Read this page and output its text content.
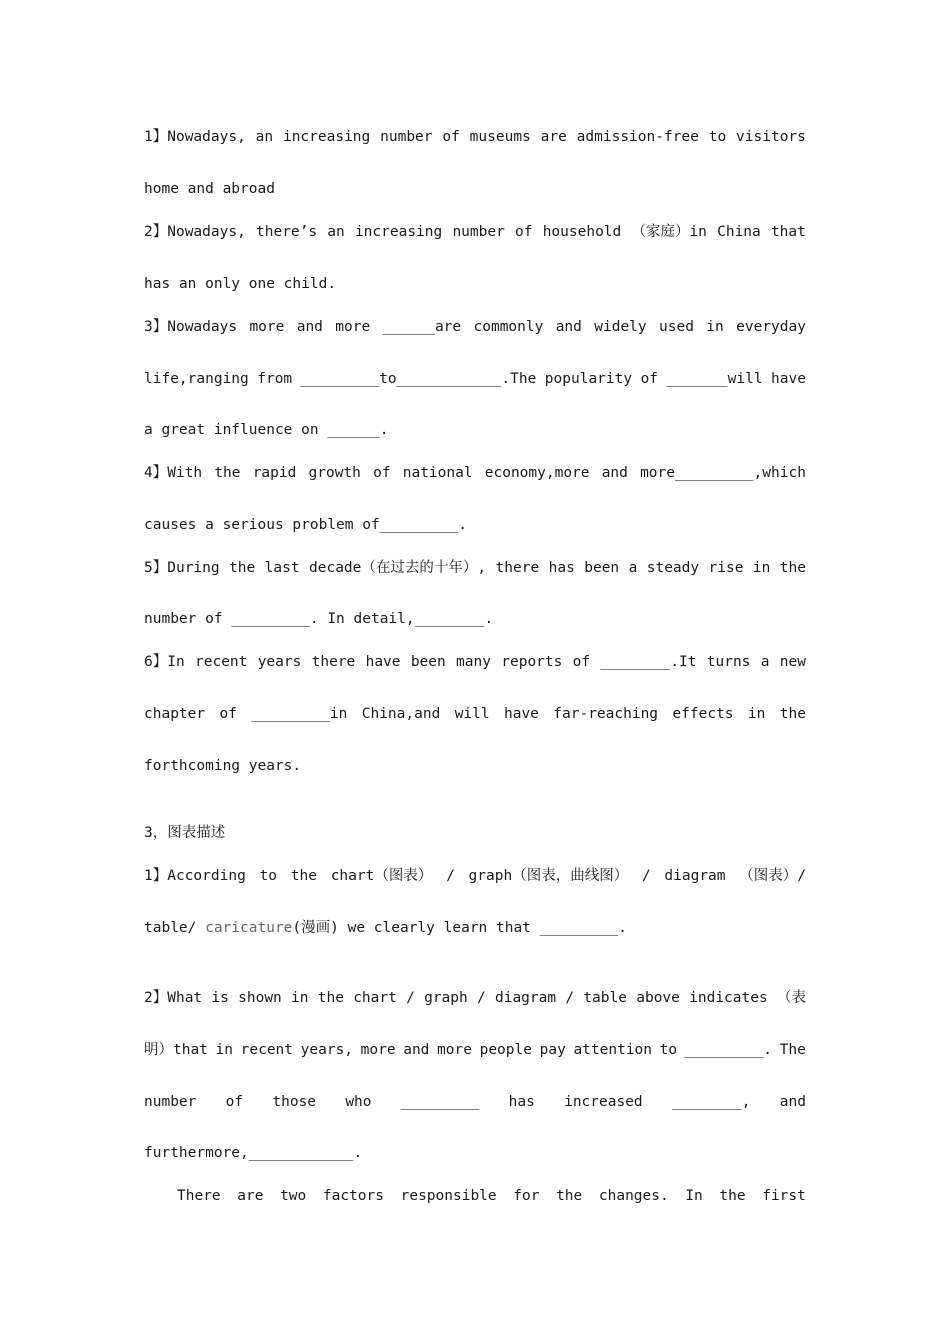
1】Nowadays, an increasing number of museums are admission-free to visitors
home and abroad
2】Nowadays, there’s an increasing number of household （家庭）in China that
has an only one child.
3】Nowadays more and more ______are commonly and widely used in everyday
life,ranging from _________to____________.The popularity of _______will have
a great influence on ______.
4】With the rapid growth of national economy,more and more_________,which
causes a serious problem of_________.
5】During the last decade（在过去的十年）, there has been a steady rise in the
number of _________. In detail,________.
6】In recent years there have been many reports of ________.It turns a new
chapter of _________in China,and will have far-reaching effects in the
forthcoming years.
3，图表描述
1】According to the chart（图表） / graph（图表，曲线图） / diagram （图表）/
table/ caricature(漫画) we clearly learn that _________.
2】What is shown in the chart / graph / diagram / table above indicates （表
明）that in recent years, more and more people pay attention to _________. The
number of those who _________ has increased ________, and
furthermore,____________.
There are two factors responsible for the changes. In the first
